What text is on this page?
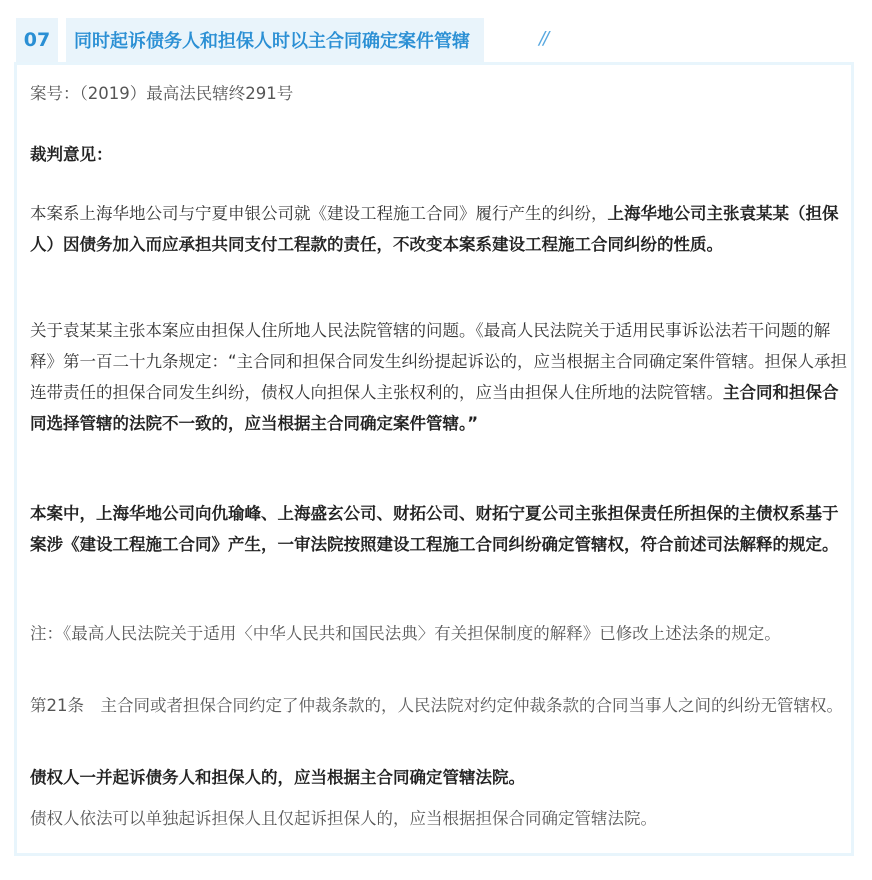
07	同时起诉债务人和担保人时以主合同确定案件管辖	//

案号：（2019）最高法民辖终291号

裁判意见：

本案系上海华地公司与宁夏申银公司就《建设工程施工合同》履行产生的纠纷，上海华地公司主张袁某某（担保人）因债务加入而应承担共同支付工程款的责任，不改变本案系建设工程施工合同纠纷的性质。

关于袁某某主张本案应由担保人住所地人民法院管辖的问题。《最高人民法院关于适用民事诉讼法若干问题的解释》第一百二十九条规定：“主合同和担保合同发生纠纷提起诉讼的，应当根据主合同确定案件管辖。担保人承担连带责任的担保合同发生纠纷，债权人向担保人主张权利的，应当由担保人住所地的法院管辖。主合同和担保合同选择管辖的法院不一致的，应当根据主合同确定案件管辖。”

本案中，上海华地公司向仇瑜峰、上海盛玄公司、财拓公司、财拓宁夏公司主张担保责任所担保的主债权系基于案涉《建设工程施工合同》产生，一审法院按照建设工程施工合同纠纷确定管辖权，符合前述司法解释的规定。

注：《最高人民法院关于适用〈中华人民共和国民法典〉有关担保制度的解释》已修改上述法条的规定。

第21条　主合同或者担保合同约定了仲裁条款的，人民法院对约定仲裁条款的合同当事人之间的纠纷无管辖权。

债权人一并起诉债务人和担保人的，应当根据主合同确定管辖法院。

债权人依法可以单独起诉担保人且仅起诉担保人的，应当根据担保合同确定管辖法院。
